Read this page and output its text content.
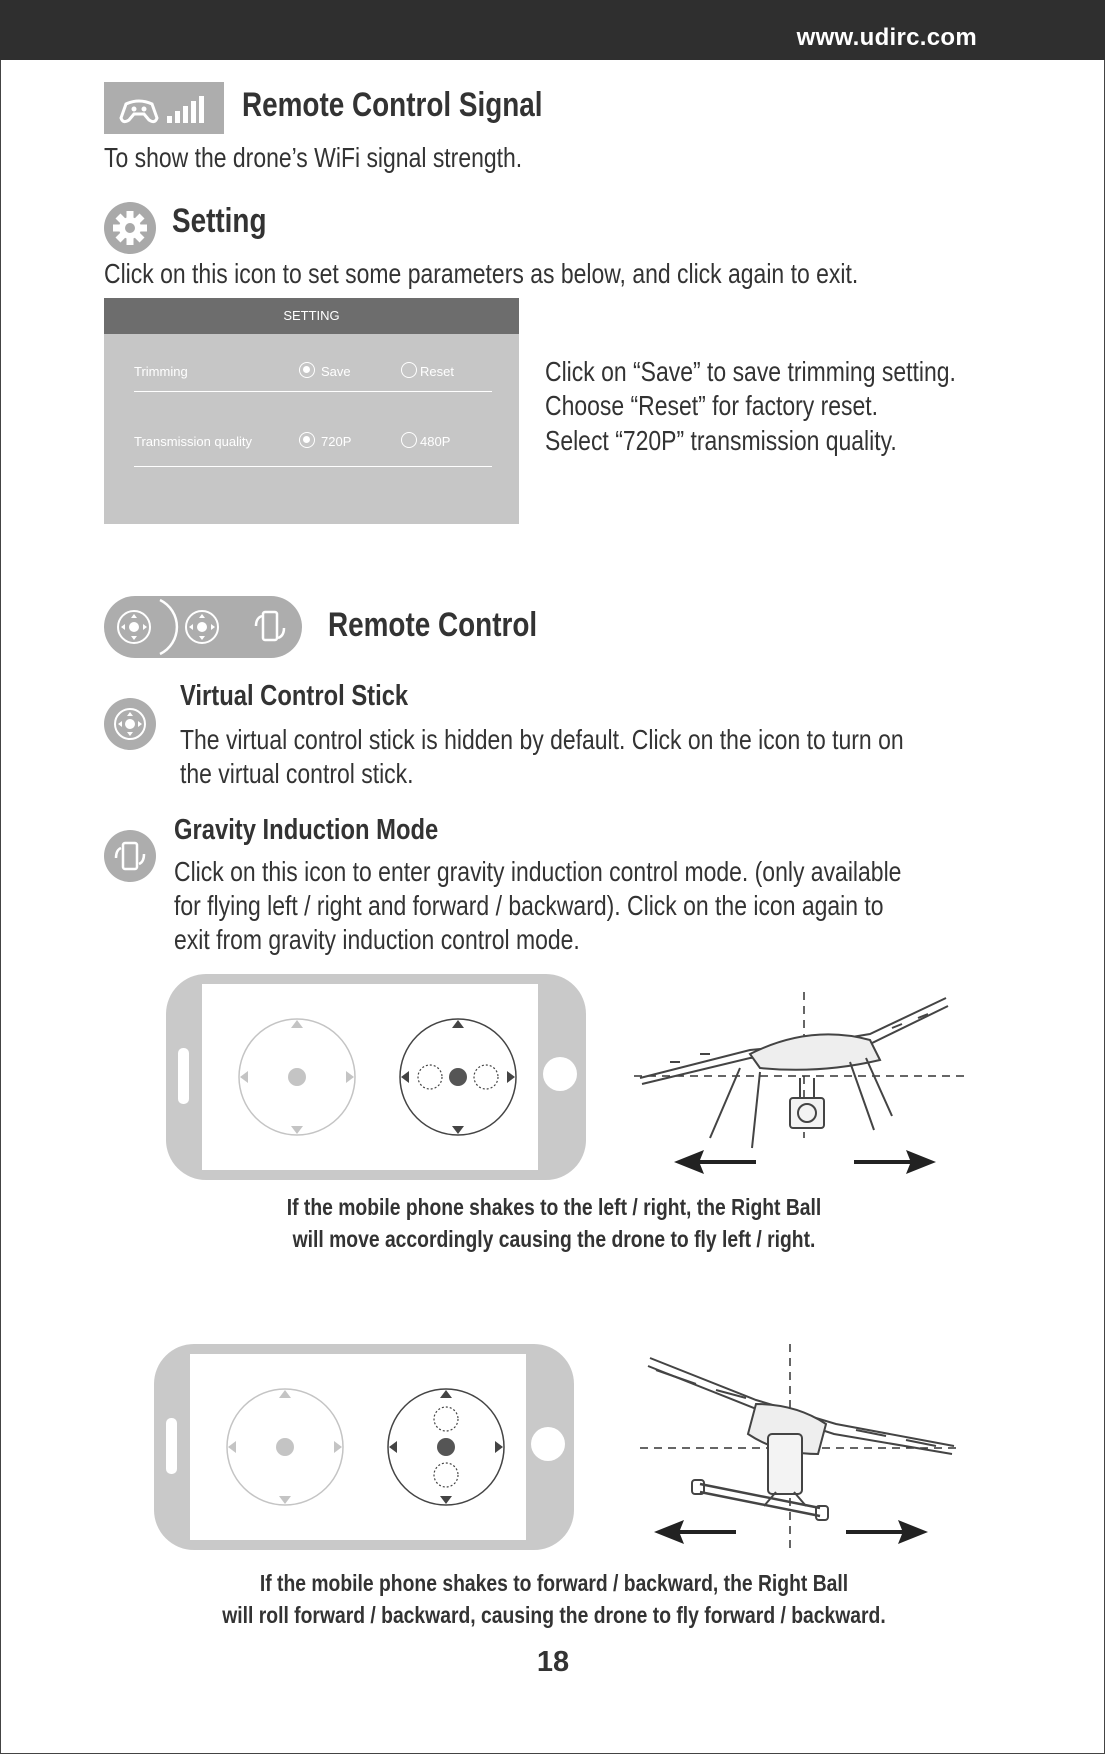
www.udirc.com
Remote Control Signal
To show the drone’s WiFi signal strength.
Setting
Click on this icon to set some parameters as below, and click again to exit.
SETTING
Trimming	Save	Reset
Transmission quality	720P	480P
Click on “Save” to save trimming setting.
Choose “Reset” for factory reset.
Select “720P” transmission quality.
Remote Control
Virtual Control Stick
The virtual control stick is hidden by default. Click on the icon to turn on
the virtual control stick.
Gravity Induction Mode
Click on this icon to enter gravity induction control mode. (only available
for flying left / right and forward / backward). Click on the icon again to
exit from gravity induction control mode.
If the mobile phone shakes to the left / right, the Right Ball
will move accordingly causing the drone to fly left / right.
If the mobile phone shakes to forward / backward, the Right Ball
will roll forward / backward, causing the drone to fly forward / backward.
18
